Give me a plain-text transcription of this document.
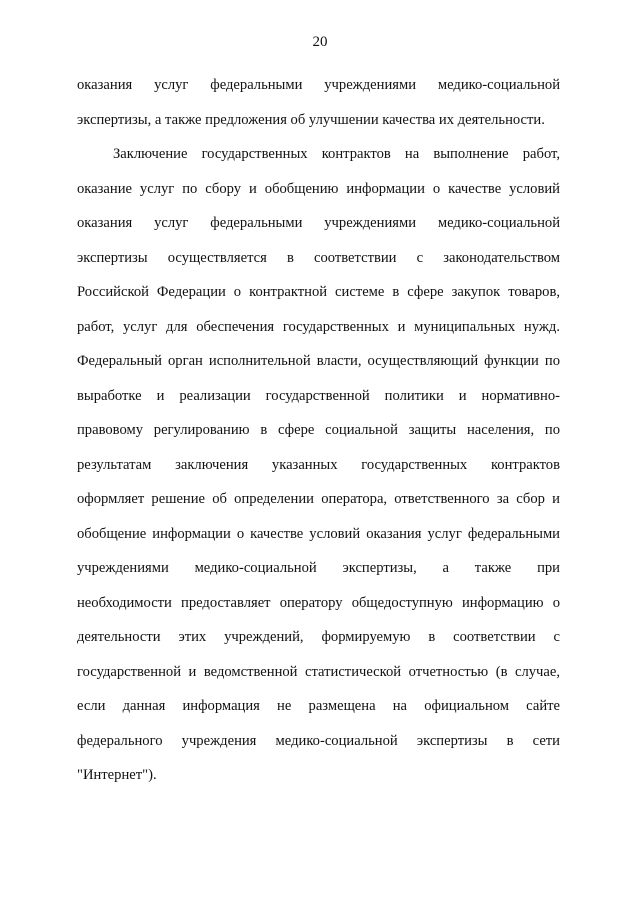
20
оказания услуг федеральными учреждениями медико-социальной
экспертизы, а также предложения об улучшении качества их деятельности.
Заключение государственных контрактов на выполнение работ,
оказание услуг по сбору и обобщению информации о качестве условий
оказания услуг федеральными учреждениями медико-социальной
экспертизы осуществляется в соответствии с законодательством
Российской Федерации о контрактной системе в сфере закупок товаров,
работ, услуг для обеспечения государственных и муниципальных нужд.
Федеральный орган исполнительной власти, осуществляющий функции по
выработке и реализации государственной политики и нормативно-
правовому регулированию в сфере социальной защиты населения, по
результатам заключения указанных государственных контрактов
оформляет решение об определении оператора, ответственного за сбор и
обобщение информации о качестве условий оказания услуг федеральными
учреждениями медико-социальной экспертизы, а также при
необходимости предоставляет оператору общедоступную информацию о
деятельности этих учреждений, формируемую в соответствии с
государственной и ведомственной статистической отчетностью (в случае,
если данная информация не размещена на официальном сайте
федерального учреждения медико-социальной экспертизы в сети
"Интернет").
